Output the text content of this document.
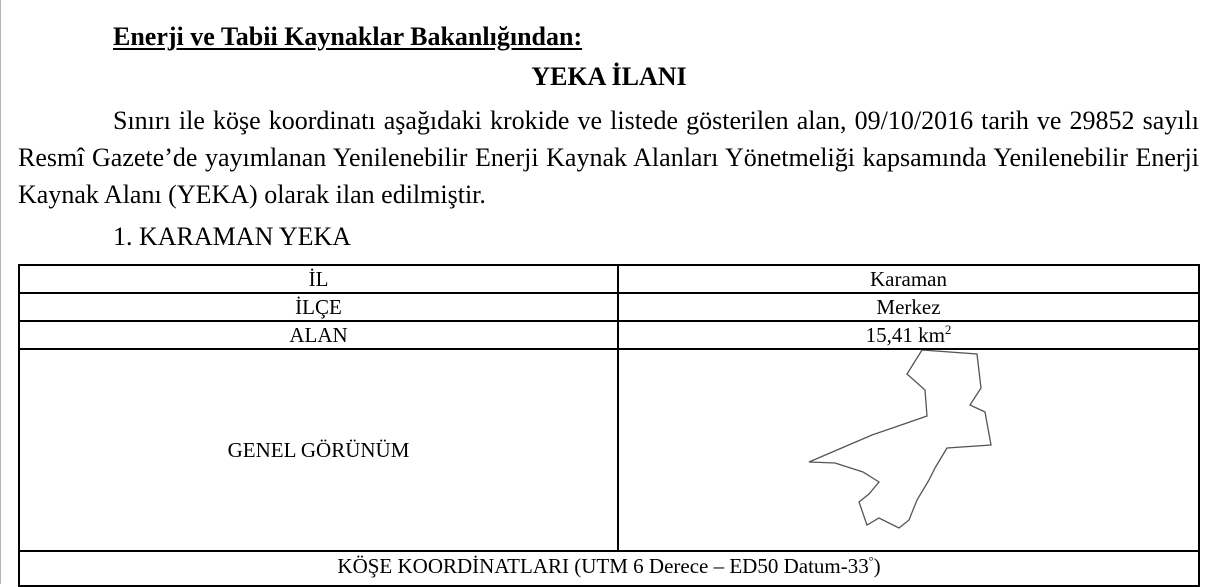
Enerji ve Tabii Kaynaklar Bakanlığından:
YEKA İLANI
Sınırı ile köşe koordinatı aşağıdaki krokide ve listede gösterilen alan, 09/10/2016 tarih ve 29852 sayılı Resmî Gazete’de yayımlanan Yenilenebilir Enerji Kaynak Alanları Yönetmeliği kapsamında Yenilenebilir Enerji Kaynak Alanı (YEKA) olarak ilan edilmiştir.
1. KARAMAN YEKA
İL	Karaman
İLÇE	Merkez
ALAN	15,41 $km^2$
GENEL GÖRÜNÜM	

KÖŞE KOORDİNATLARI (UTM 6 Derece – ED50 Datum-33°)	
